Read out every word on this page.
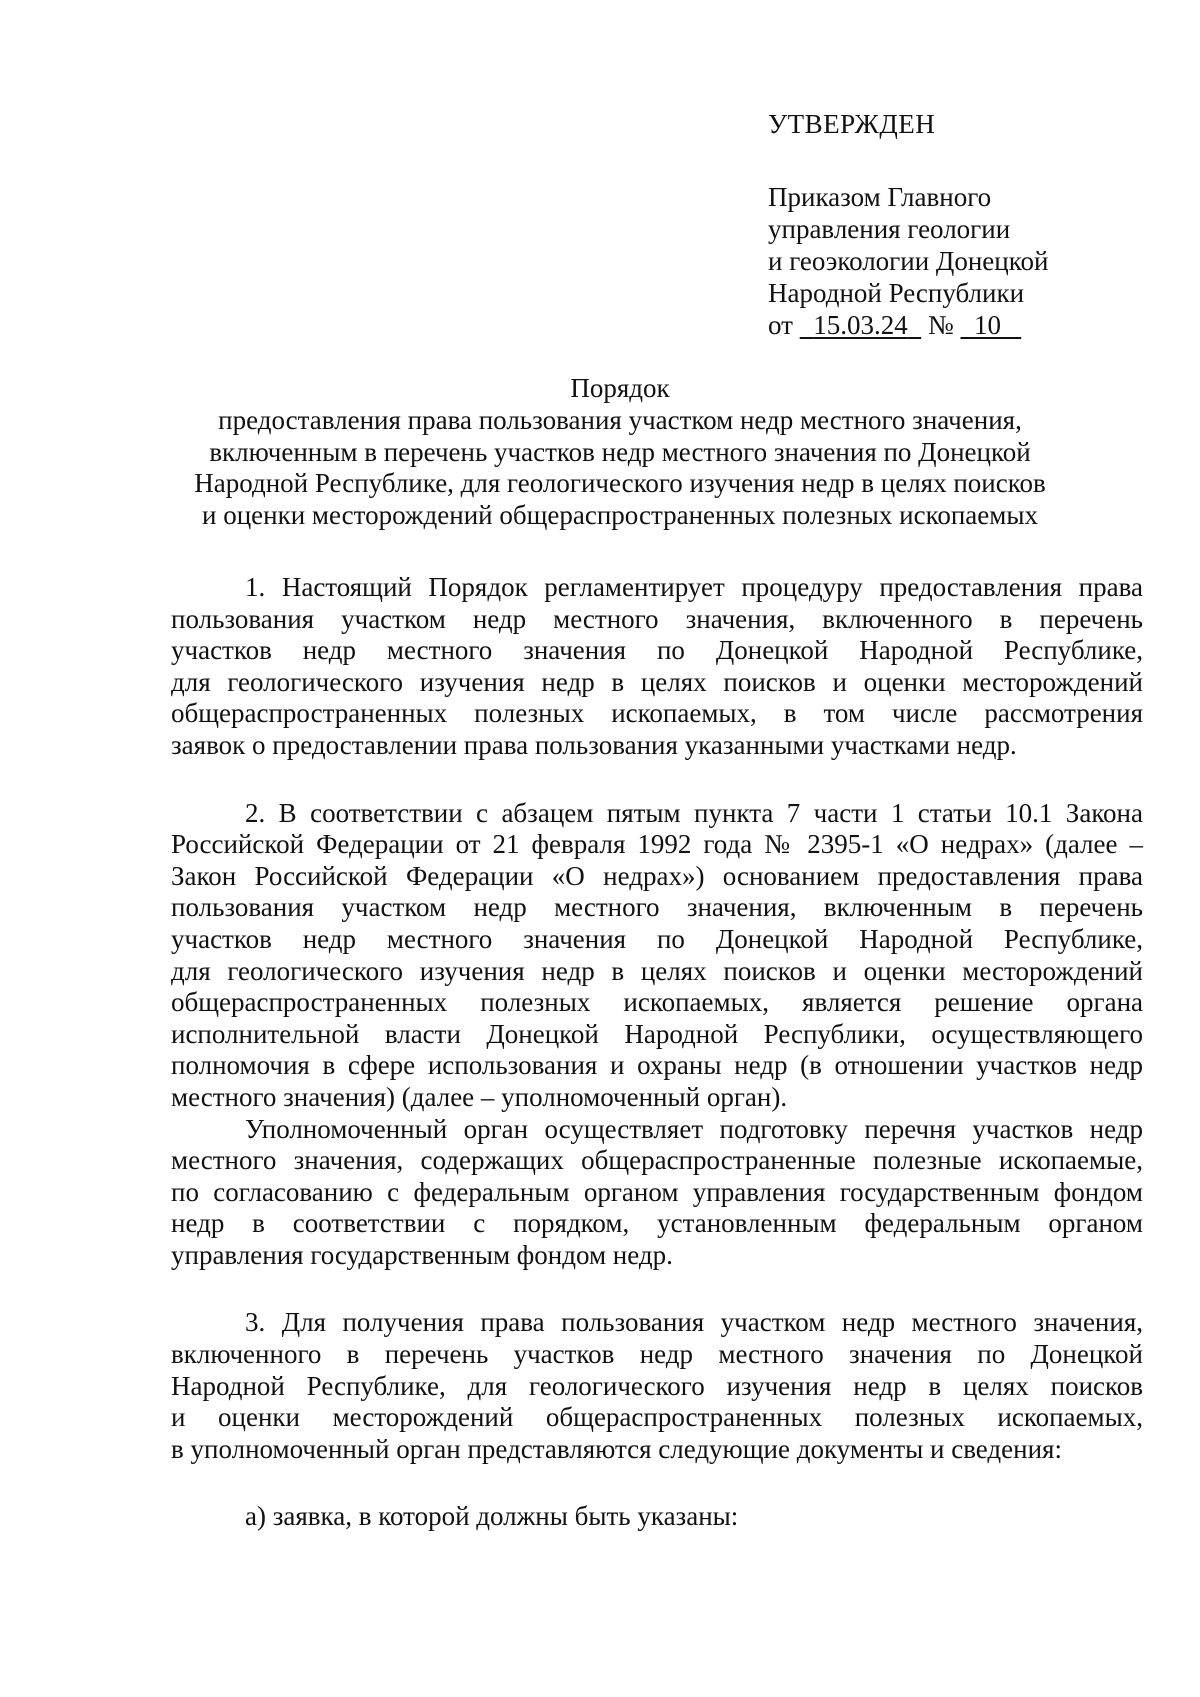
УТВЕРЖДЕН
Приказом Главного
управления геологии
и геоэкологии Донецкой
Народной Республики
от 15.03.24 № 10
Порядок
предоставления права пользования участком недр местного значения,
включенным в перечень участков недр местного значения по Донецкой
Народной Республике, для геологического изучения недр в целях поисков
и оценки месторождений общераспространенных полезных ископаемых
1. Настоящий Порядок регламентирует процедуру предоставления права
пользования участком недр местного значения, включенного в перечень
участков недр местного значения по Донецкой Народной Республике,
для геологического изучения недр в целях поисков и оценки месторождений
общераспространенных полезных ископаемых, в том числе рассмотрения
заявок о предоставлении права пользования указанными участками недр.
2. В соответствии с абзацем пятым пункта 7 части 1 статьи 10.1 Закона
Российской Федерации от 21 февраля 1992 года № 2395-1 «О недрах» (далее –
Закон Российской Федерации «О недрах») основанием предоставления права
пользования участком недр местного значения, включенным в перечень
участков недр местного значения по Донецкой Народной Республике,
для геологического изучения недр в целях поисков и оценки месторождений
общераспространенных полезных ископаемых, является решение органа
исполнительной власти Донецкой Народной Республики, осуществляющего
полномочия в сфере использования и охраны недр (в отношении участков недр
местного значения) (далее – уполномоченный орган).
Уполномоченный орган осуществляет подготовку перечня участков недр
местного значения, содержащих общераспространенные полезные ископаемые,
по согласованию с федеральным органом управления государственным фондом
недр в соответствии с порядком, установленным федеральным органом
управления государственным фондом недр.
3. Для получения права пользования участком недр местного значения,
включенного в перечень участков недр местного значения по Донецкой
Народной Республике, для геологического изучения недр в целях поисков
и оценки месторождений общераспространенных полезных ископаемых,
в уполномоченный орган представляются следующие документы и сведения:
а) заявка, в которой должны быть указаны:
